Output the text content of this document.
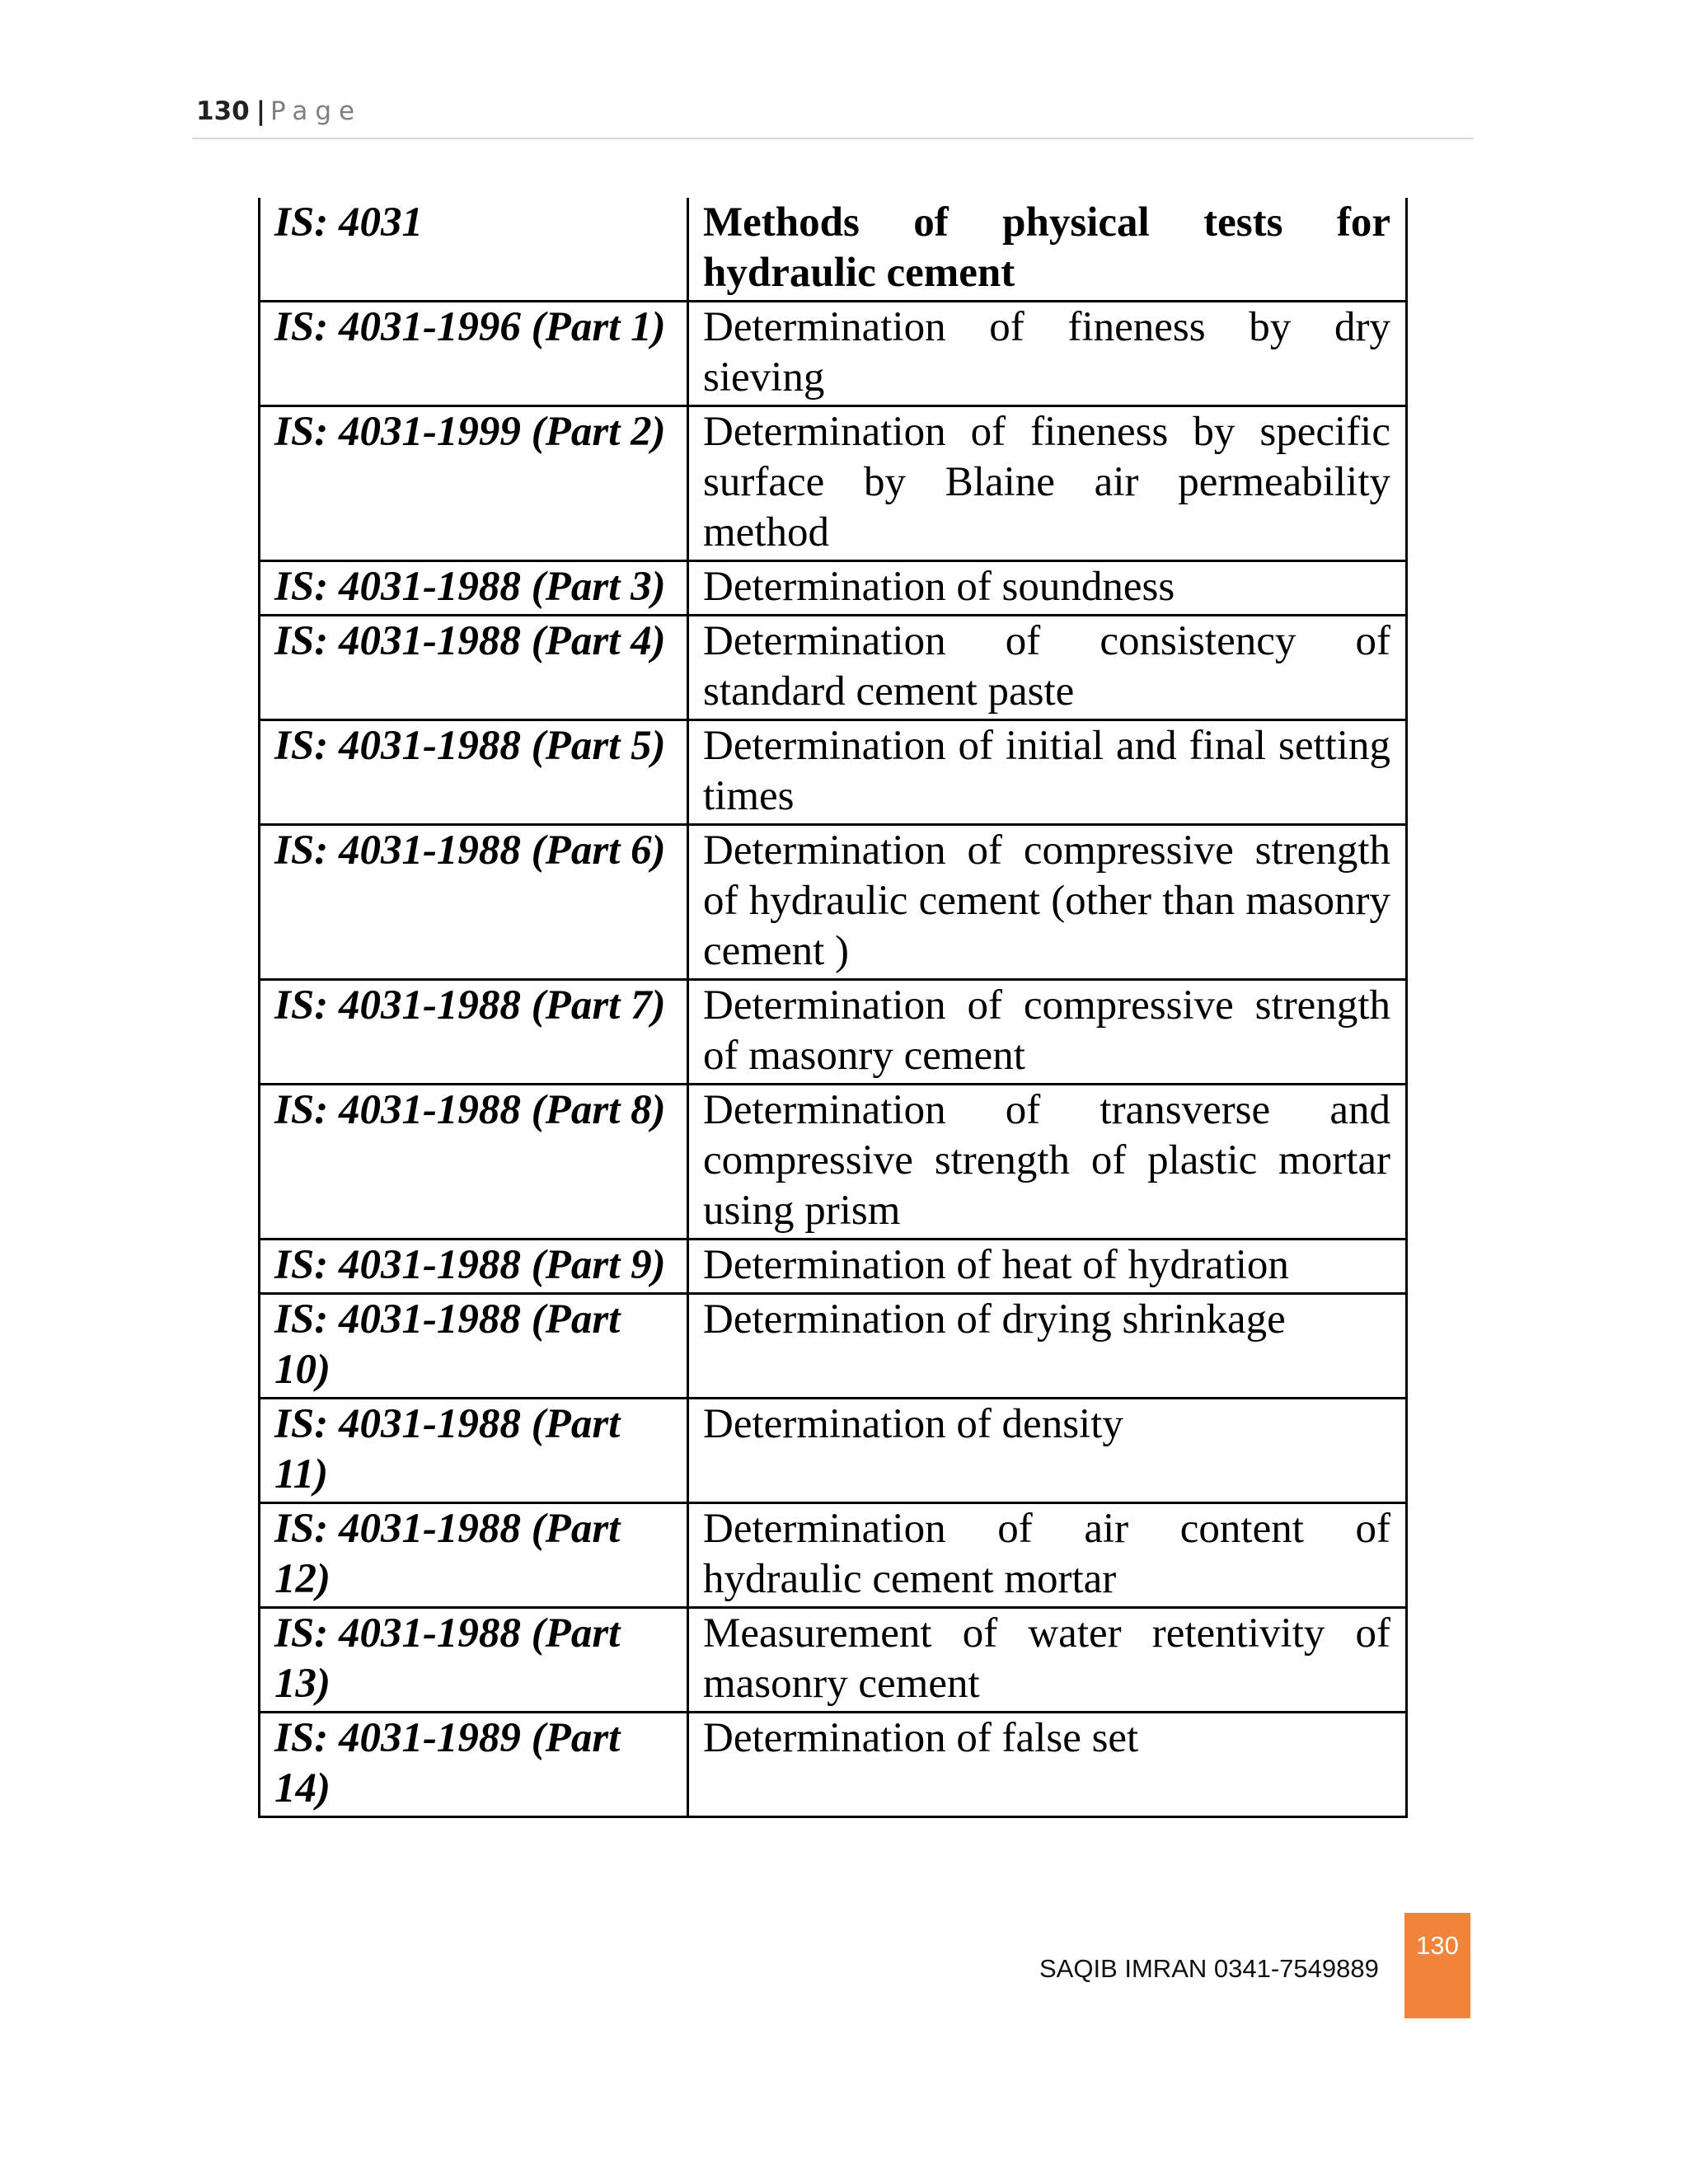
130 | Page
IS: 4031	Methods of physical tests for hydraulic cement
IS: 4031-1996 (Part 1)	Determination of fineness by dry sieving
IS: 4031-1999 (Part 2)	Determination of fineness by specific surface by Blaine air permeability method
IS: 4031-1988 (Part 3)	Determination of soundness
IS: 4031-1988 (Part 4)	Determination of consistency of standard cement paste
IS: 4031-1988 (Part 5)	Determination of initial and final setting times
IS: 4031-1988 (Part 6)	Determination of compressive strength of hydraulic cement (other than masonry cement )
IS: 4031-1988 (Part 7)	Determination of compressive strength of masonry cement
IS: 4031-1988 (Part 8)	Determination of transverse and compressive strength of plastic mortar using prism
IS: 4031-1988 (Part 9)	Determination of heat of hydration
IS: 4031-1988 (Part 10)	Determination of drying shrinkage
IS: 4031-1988 (Part 11)	Determination of density
IS: 4031-1988 (Part 12)	Determination of air content of hydraulic cement mortar
IS: 4031-1988 (Part 13)	Measurement of water retentivity of masonry cement
IS: 4031-1989 (Part 14)	Determination of false set
SAQIB IMRAN 0341-7549889
130
